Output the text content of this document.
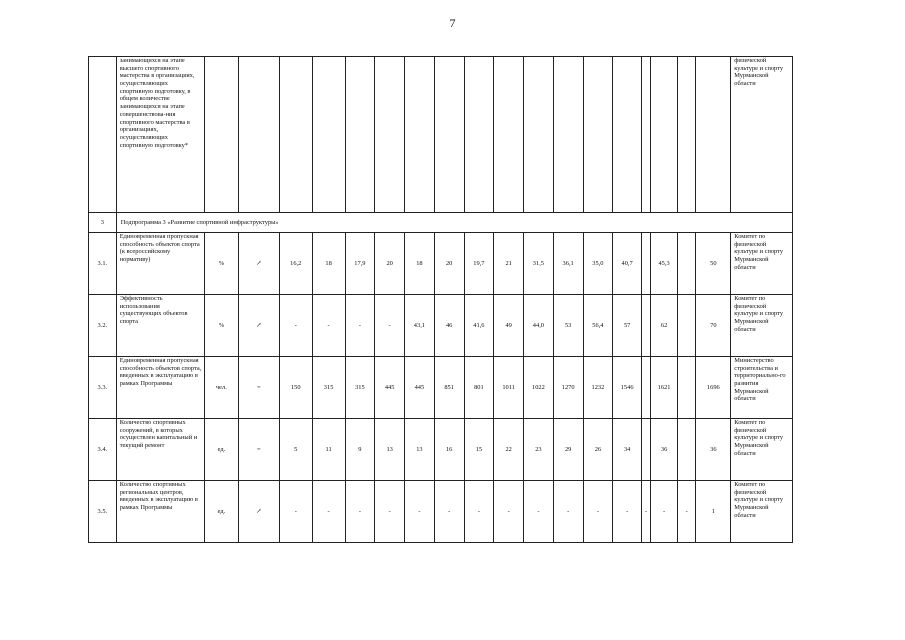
7
	занимающихся на этапе высшего спортивного мастерства в организациях, осуществляющих спортивную подготовку, в общем количестве занимающихся на этапе совершенствова-ния спортивного мастерства в организациях, осуществляющих спортивную подготовку*																			физической культуре и спорту Мурманской области
3	Подпрограмма 3 «Развитие спортивной инфраструктуры»																			
3.1.	Единовременная пропускная способность объектов спорта (к всероссийскому нормативу)	%	↗	16,2	18	17,9	20	18	20	19,7	21	31,5	36,1	35,0	40,7		45,3		50	Комитет по физической культуре и спорту Мурманской области
3.2.	Эффективность использования существующих объектов спорта	%	↗	-	-	-	-	43,1	46	41,6	49	44,0	53	56,4	57		62		70	Комитет по физической культуре и спорту Мурманской области
3.3.	Единовременная пропускная способность объектов спорта, введенных в эксплуатацию в рамках Программы	чел.	=	150	315	315	445	445	851	801	1011	1022	1270	1232	1546		1621		1696	Министерство строительства и территориально-го развития Мурманской области
3.4.	Количество спортивных сооружений, в которых осуществлен капитальный и текущий ремонт	ед.	=	5	11	9	13	13	16	15	22	23	29	26	34		36		36	Комитет по физической культуре и спорту Мурманской области
3.5.	Количество спортивных региональных центров, введенных в эксплуатацию в рамках Программы	ед.	↗	-	-	-	-	-	-	-	-	-	-	-	-	-	-	-	1	Комитет по физической культуре и спорту Мурманской области
